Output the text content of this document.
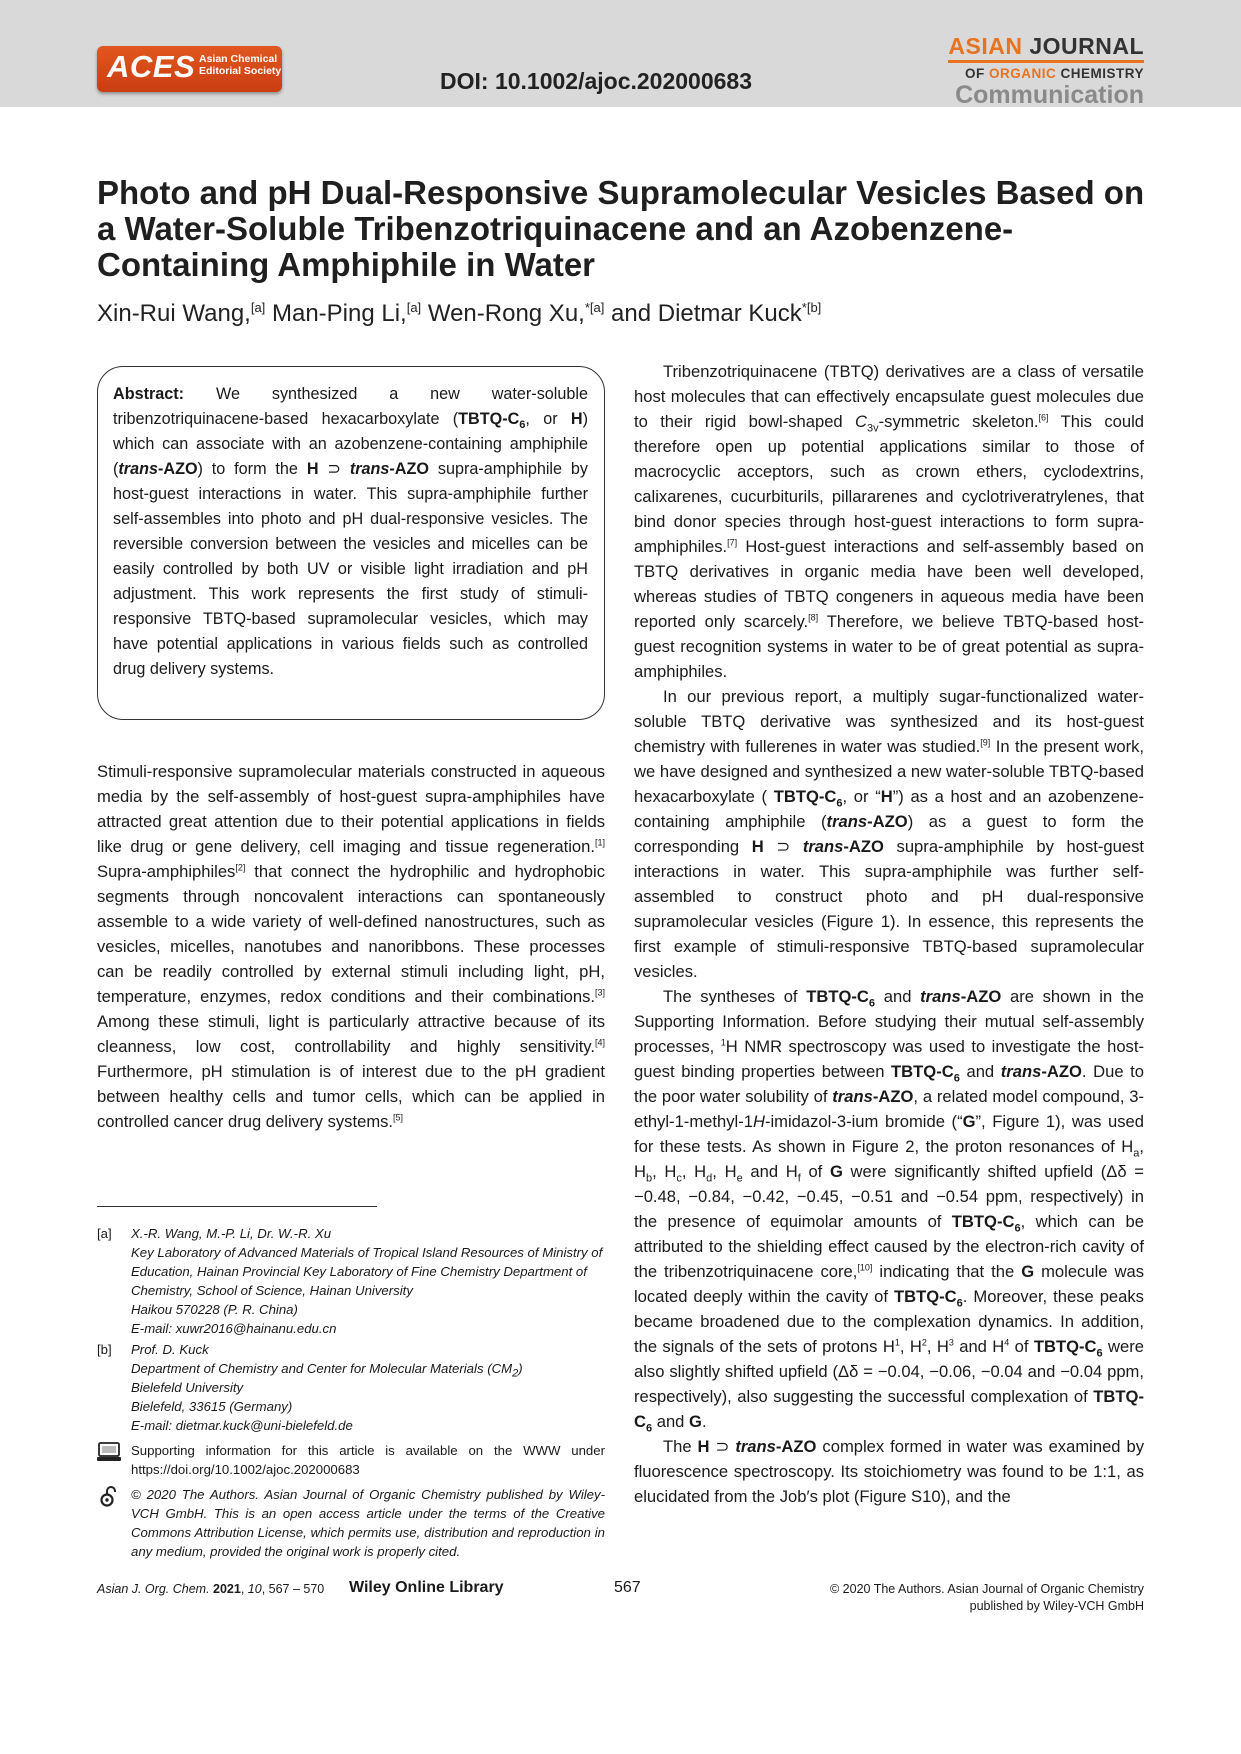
ACES Asian Chemical
Editorial Society	DOI: 10.1002/ajoc.202000683
ASIAN JOURNAL
OF ORGANIC CHEMISTRY
Communication
Photo and pH Dual-Responsive Supramolecular Vesicles Based on a Water-Soluble Tribenzotriquinacene and an Azobenzene-Containing Amphiphile in Water
Xin-Rui Wang,[a] Man-Ping Li,[a] Wen-Rong Xu,$^{*[a]}$ and Dietmar Kuck$^{*[b]}$

Abstract: We synthesized a new water-soluble tribenzotriquinacene-based hexacarboxylate ($TBTQ-C_6$, or H) which can associate with an azobenzene-containing amphiphile (trans-AZO) to form the H ⊃ trans-AZO supra-amphiphile by host-guest interactions in water. This supra-amphiphile further self-assembles into photo and pH dual-responsive vesicles. The reversible conversion between the vesicles and micelles can be easily controlled by both UV or visible light irradiation and pH adjustment. This work represents the first study of stimuli-responsive TBTQ-based supramolecular vesicles, which may have potential applications in various fields such as controlled drug delivery systems.

Stimuli-responsive supramolecular materials constructed in aqueous media by the self-assembly of host-guest supra-amphiphiles have attracted great attention due to their potential applications in fields like drug or gene delivery, cell imaging and tissue regeneration.[1] Supra-amphiphiles[2] that connect the hydrophilic and hydrophobic segments through noncovalent interactions can spontaneously assemble to a wide variety of well-defined nanostructures, such as vesicles, micelles, nanotubes and nanoribbons. These processes can be readily controlled by external stimuli including light, pH, temperature, enzymes, redox conditions and their combinations.[3] Among these stimuli, light is particularly attractive because of its cleanness, low cost, controllability and highly sensitivity.[4] Furthermore, pH stimulation is of interest due to the pH gradient between healthy cells and tumor cells, which can be applied in controlled cancer drug delivery systems.[5]

[a] X.-R. Wang, M.-P. Li, Dr. W.-R. Xu
Key Laboratory of Advanced Materials of Tropical Island Resources of Ministry of Education, Hainan Provincial Key Laboratory of Fine Chemistry Department of Chemistry, School of Science, Hainan University
Haikou 570228 (P. R. China)
E-mail: xuwr2016@hainanu.edu.cn
[b] Prof. D. Kuck
Department of Chemistry and Center for Molecular Materials $(CM_2)$
Bielefeld University
Bielefeld, 33615 (Germany)
E-mail: dietmar.kuck@uni-bielefeld.de
Supporting information for this article is available on the WWW under https://doi.org/10.1002/ajoc.202000683
© 2020 The Authors. Asian Journal of Organic Chemistry published by Wiley-VCH GmbH. This is an open access article under the terms of the Creative Commons Attribution License, which permits use, distribution and reproduction in any medium, provided the original work is properly cited.

Tribenzotriquinacene (TBTQ) derivatives are a class of versatile host molecules that can effectively encapsulate guest molecules due to their rigid bowl-shaped $C_{3v}$-symmetric skeleton.[6] This could therefore open up potential applications similar to those of macrocyclic acceptors, such as crown ethers, cyclodextrins, calixarenes, cucurbiturils, pillararenes and cyclotriveratrylenes, that bind donor species through host-guest interactions to form supra-amphiphiles.[7] Host-guest interactions and self-assembly based on TBTQ derivatives in organic media have been well developed, whereas studies of TBTQ congeners in aqueous media have been reported only scarcely.[8] Therefore, we believe TBTQ-based host-guest recognition systems in water to be of great potential as supra-amphiphiles.

In our previous report, a multiply sugar-functionalized water-soluble TBTQ derivative was synthesized and its host-guest chemistry with fullerenes in water was studied.[9] In the present work, we have designed and synthesized a new water-soluble TBTQ-based hexacarboxylate ( TBTQ-$C_6$, or “H”) as a host and an azobenzene-containing amphiphile (trans-AZO) as a guest to form the corresponding H ⊃ trans-AZO supra-amphiphile by host-guest interactions in water. This supra-amphiphile was further self-assembled to construct photo and pH dual-responsive supramolecular vesicles (Figure 1). In essence, this represents the first example of stimuli-responsive TBTQ-based supramolecular vesicles.

The syntheses of TBTQ-$C_6$ and trans-AZO are shown in the Supporting Information. Before studying their mutual self-assembly processes, $^1$H NMR spectroscopy was used to investigate the host-guest binding properties between TBTQ-$C_6$ and trans-AZO. Due to the poor water solubility of trans-AZO, a related model compound, 3-ethyl-1-methyl-1H-imidazol-3-ium bromide (“G”, Figure 1), was used for these tests. As shown in Figure 2, the proton resonances of $H_a$, $H_b$, $H_c$, $H_d$, $H_e$ and $H_f$ of G were significantly shifted upfield (Δδ = −0.48, −0.84, −0.42, −0.45, −0.51 and −0.54 ppm, respectively) in the presence of equimolar amounts of TBTQ-$C_6$, which can be attributed to the shielding effect caused by the electron-rich cavity of the tribenzotriquinacene core,[10] indicating that the G molecule was located deeply within the cavity of TBTQ-$C_6$. Moreover, these peaks became broadened due to the complexation dynamics. In addition, the signals of the sets of protons $H^1$, $H^2$, $H^3$ and $H^4$ of TBTQ-$C_6$ were also slightly shifted upfield (Δδ = −0.04, −0.06, −0.04 and −0.04 ppm, respectively), also suggesting the successful complexation of TBTQ-$C_6$ and G.

The H ⊃ trans-AZO complex formed in water was examined by fluorescence spectroscopy. Its stoichiometry was found to be 1:1, as elucidated from the Job′s plot (Figure S10), and the

Asian J. Org. Chem. 2021, 10, 567 – 570 Wiley Online Library	567	© 2020 The Authors. Asian Journal of Organic Chemistry
published by Wiley-VCH GmbH
